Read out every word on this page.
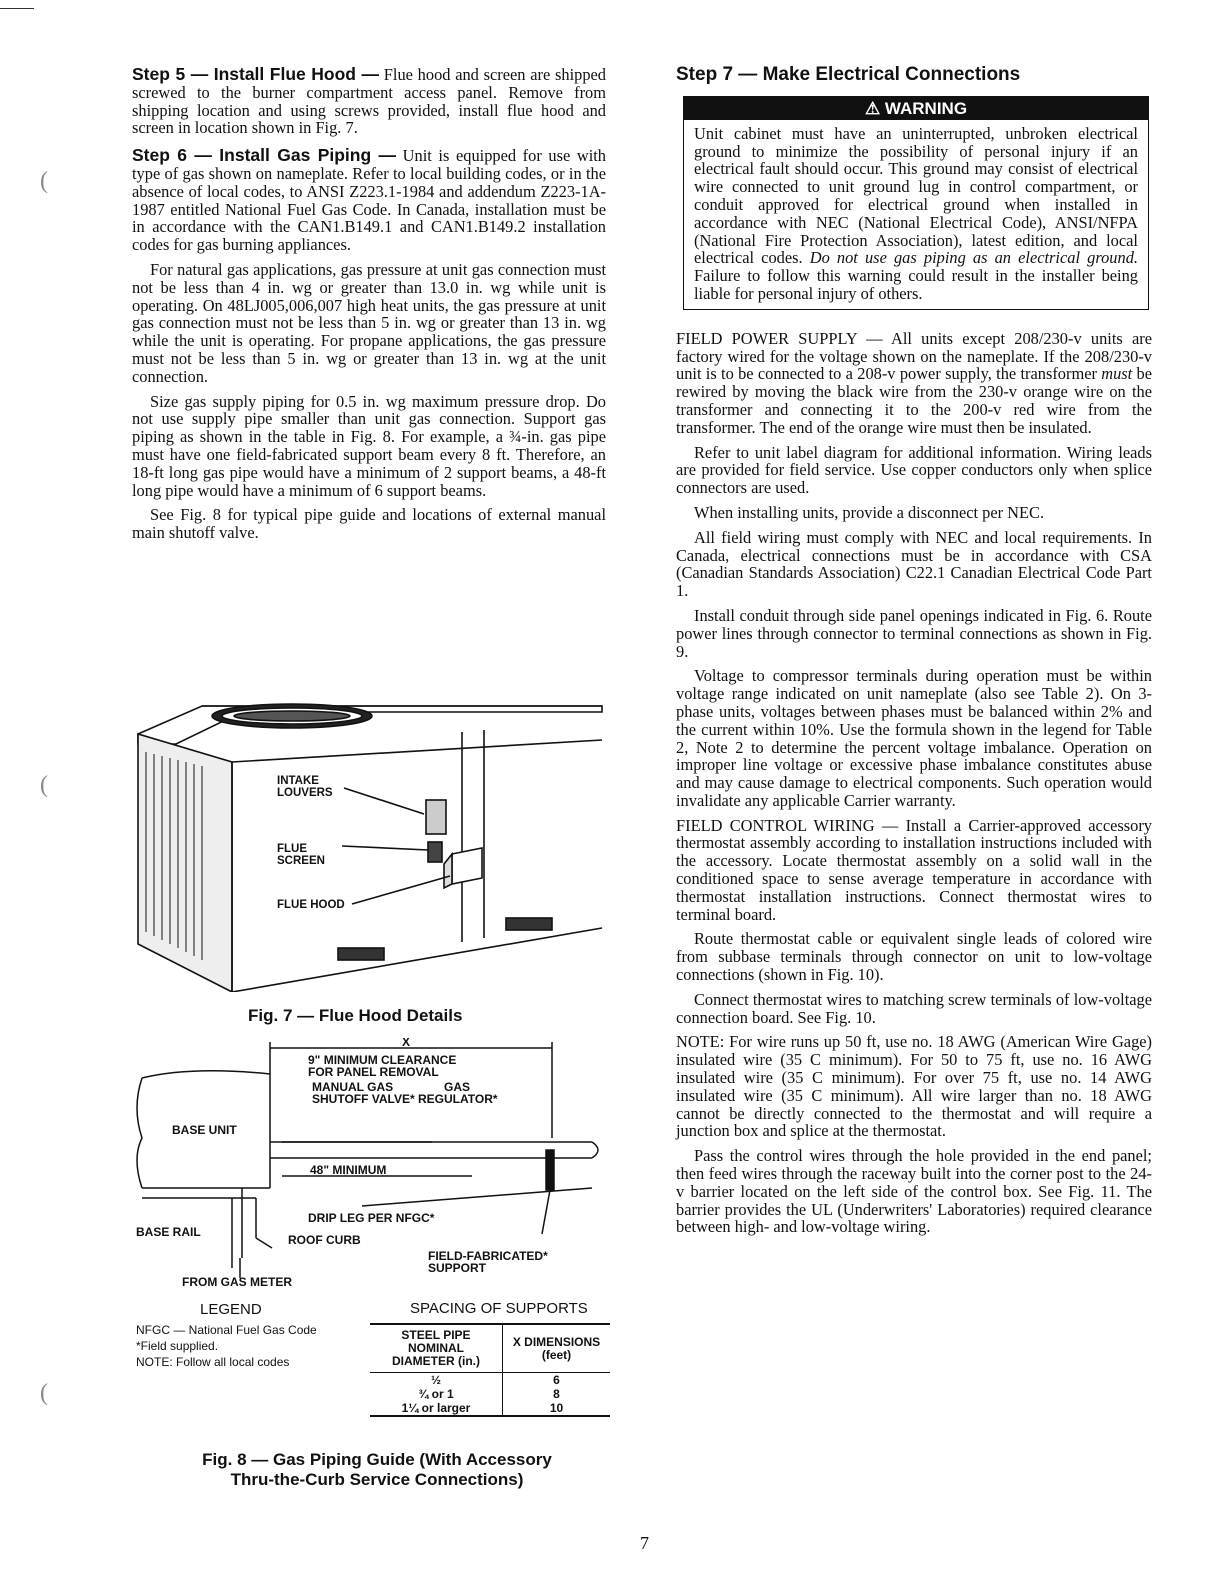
(
(
(

Step 5 — Install Flue Hood — Flue hood and screen are shipped screwed to the burner compartment access panel. Remove from shipping location and using screws provided, install flue hood and screen in location shown in Fig. 7.

Step 6 — Install Gas Piping — Unit is equipped for use with type of gas shown on nameplate. Refer to local building codes, or in the absence of local codes, to ANSI Z223.1-1984 and addendum Z223-1A-1987 entitled National Fuel Gas Code. In Canada, installation must be in accordance with the CAN1.B149.1 and CAN1.B149.2 installation codes for gas burning appliances.

For natural gas applications, gas pressure at unit gas connection must not be less than 4 in. wg or greater than 13.0 in. wg while unit is operating. On 48LJ005,006,007 high heat units, the gas pressure at unit gas connection must not be less than 5 in. wg or greater than 13 in. wg while the unit is operating. For propane applications, the gas pressure must not be less than 5 in. wg or greater than 13 in. wg at the unit connection.

Size gas supply piping for 0.5 in. wg maximum pressure drop. Do not use supply pipe smaller than unit gas connection. Support gas piping as shown in the table in Fig. 8. For example, a ¾-in. gas pipe must have one field-fabricated support beam every 8 ft. Therefore, an 18-ft long gas pipe would have a minimum of 2 support beams, a 48-ft long pipe would have a minimum of 6 support beams.

See Fig. 8 for typical pipe guide and locations of external manual main shutoff valve.

INTAKE
LOUVERS
FLUE
SCREEN
FLUE HOOD
Fig. 7 — Flue Hood Details
X
9" MINIMUM CLEARANCE
FOR PANEL REMOVAL
MANUAL GAS	GAS
SHUTOFF VALVE* REGULATOR*
BASE UNIT
48" MINIMUM
DRIP LEG PER NFGC*
BASE RAIL
ROOF CURB
FIELD-FABRICATED*
SUPPORT
FROM GAS METER
LEGEND
NFGC — National Fuel Gas Code
*Field supplied.
NOTE: Follow all local codes
SPACING OF SUPPORTS
STEEL PIPE NOMINAL DIAMETER (in.)	X DIMENSIONS (feet)
½	6
¾ or 1	8
1¼ or larger	10
Fig. 8 — Gas Piping Guide (With Accessory
Thru-the-Curb Service Connections)
Step 7 — Make Electrical Connections
⚠ WARNING
Unit cabinet must have an uninterrupted, unbroken electrical ground to minimize the possibility of personal injury if an electrical fault should occur. This ground may consist of electrical wire connected to unit ground lug in control compartment, or conduit approved for electrical ground when installed in accordance with NEC (National Electrical Code), ANSI/NFPA (National Fire Protection Association), latest edition, and local electrical codes. Do not use gas piping as an electrical ground. Failure to follow this warning could result in the installer being liable for personal injury of others.

FIELD POWER SUPPLY — All units except 208/230-v units are factory wired for the voltage shown on the nameplate. If the 208/230-v unit is to be connected to a 208-v power supply, the transformer must be rewired by moving the black wire from the 230-v orange wire on the transformer and connecting it to the 200-v red wire from the transformer. The end of the orange wire must then be insulated.

Refer to unit label diagram for additional information. Wiring leads are provided for field service. Use copper conductors only when splice connectors are used.

When installing units, provide a disconnect per NEC.

All field wiring must comply with NEC and local requirements. In Canada, electrical connections must be in accordance with CSA (Canadian Standards Association) C22.1 Canadian Electrical Code Part 1.

Install conduit through side panel openings indicated in Fig. 6. Route power lines through connector to terminal connections as shown in Fig. 9.

Voltage to compressor terminals during operation must be within voltage range indicated on unit nameplate (also see Table 2). On 3-phase units, voltages between phases must be balanced within 2% and the current within 10%. Use the formula shown in the legend for Table 2, Note 2 to determine the percent voltage imbalance. Operation on improper line voltage or excessive phase imbalance constitutes abuse and may cause damage to electrical components. Such operation would invalidate any applicable Carrier warranty.

FIELD CONTROL WIRING — Install a Carrier-approved accessory thermostat assembly according to installation instructions included with the accessory. Locate thermostat assembly on a solid wall in the conditioned space to sense average temperature in accordance with thermostat installation instructions. Connect thermostat wires to terminal board.

Route thermostat cable or equivalent single leads of colored wire from subbase terminals through connector on unit to low-voltage connections (shown in Fig. 10).

Connect thermostat wires to matching screw terminals of low-voltage connection board. See Fig. 10.

NOTE: For wire runs up 50 ft, use no. 18 AWG (American Wire Gage) insulated wire (35 C minimum). For 50 to 75 ft, use no. 16 AWG insulated wire (35 C minimum). For over 75 ft, use no. 14 AWG insulated wire (35 C minimum). All wire larger than no. 18 AWG cannot be directly connected to the thermostat and will require a junction box and splice at the thermostat.

Pass the control wires through the hole provided in the end panel; then feed wires through the raceway built into the corner post to the 24-v barrier located on the left side of the control box. See Fig. 11. The barrier provides the UL (Underwriters' Laboratories) required clearance between high- and low-voltage wiring.

7
